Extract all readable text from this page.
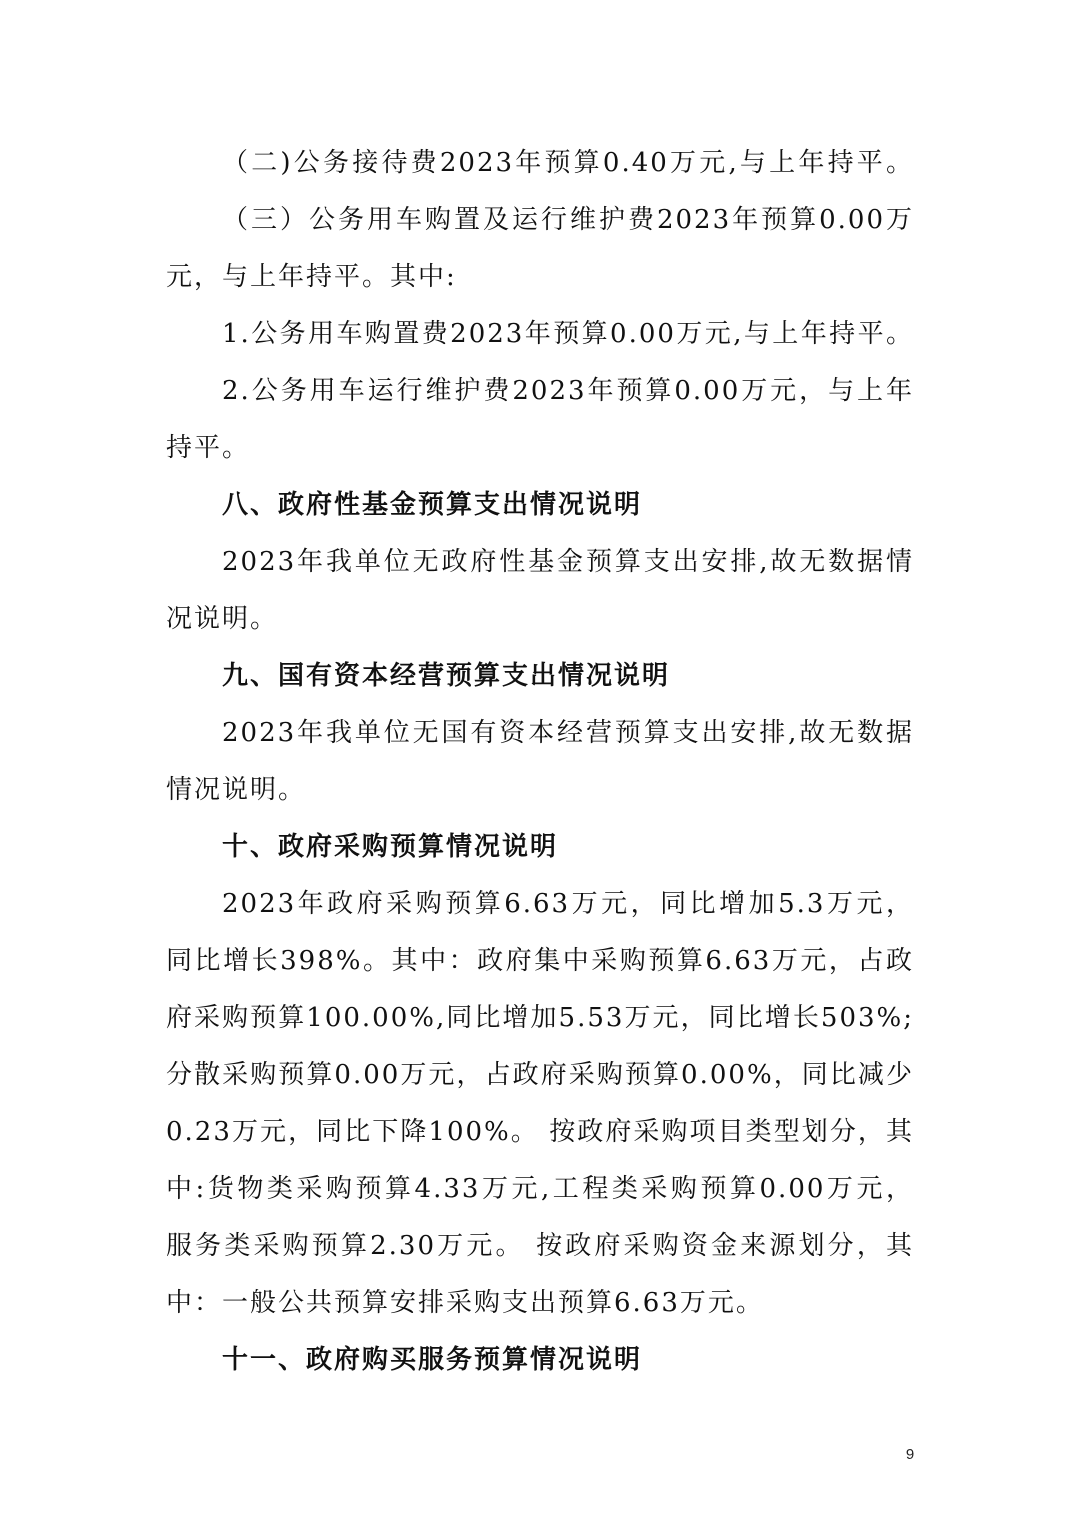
（二)公务接待费2023年预算0.40万元,与上年持平。
（三）公务用车购置及运行维护费2023年预算0.00万
元，与上年持平。其中:
1.公务用车购置费2023年预算0.00万元,与上年持平。
2.公务用车运行维护费2023年预算0.00万元，与上年
持平。
八、政府性基金预算支出情况说明
2023年我单位无政府性基金预算支出安排,故无数据情
况说明。
九、国有资本经营预算支出情况说明
2023年我单位无国有资本经营预算支出安排,故无数据
情况说明。
十、政府采购预算情况说明
2023年政府采购预算6.63万元，同比增加5.3万元，
同比增长398%。其中：政府集中采购预算6.63万元，占政
府采购预算100.00%,同比增加5.53万元，同比增长503%;
分散采购预算0.00万元，占政府采购预算0.00%，同比减少
0.23万元，同比下降100%。 按政府采购项目类型划分，其
中:货物类采购预算4.33万元,工程类采购预算0.00万元，
服务类采购预算2.30万元。 按政府采购资金来源划分，其
中：一般公共预算安排采购支出预算6.63万元。
十一、政府购买服务预算情况说明
9
